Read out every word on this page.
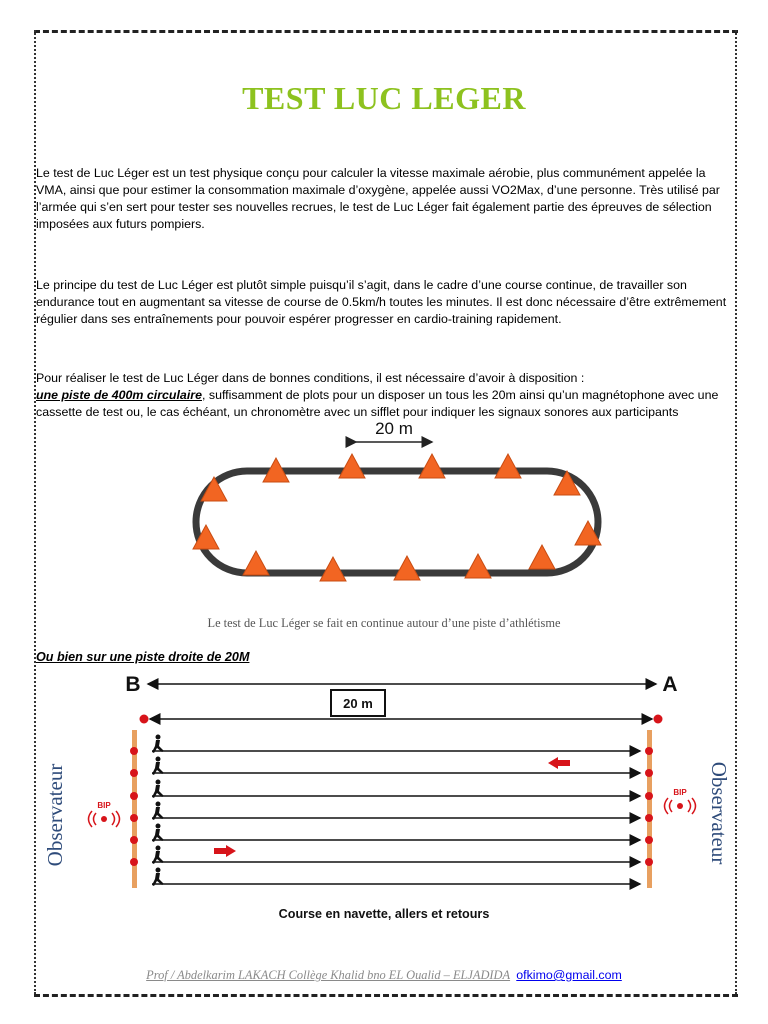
TEST LUC LEGER
Le test de Luc Léger est un test physique conçu pour calculer la vitesse maximale aérobie, plus communément appelée la VMA, ainsi que pour estimer la consommation maximale d’oxygène, appelée aussi VO2Max, d’une personne. Très utilisé par l’armée qui s’en sert pour tester ses nouvelles recrues, le test de Luc Léger fait également partie des épreuves de sélection imposées aux futurs pompiers.
Le principe du test de Luc Léger est plutôt simple puisqu’il s’agit, dans le cadre d’une course continue, de travailler son endurance tout en augmentant sa vitesse de course de 0.5km/h toutes les minutes. Il est donc nécessaire d’être extrêmement régulier dans ses entraînements pour pouvoir espérer progresser en cardio-training rapidement.
Pour réaliser le test de Luc Léger dans de bonnes conditions, il est nécessaire d’avoir à disposition :
une piste de 400m circulaire, suffisamment de plots pour un disposer un tous les 20m ainsi qu’un magnétophone avec une cassette de test ou, le cas échéant, un chronomètre avec un sifflet pour indiquer les signaux sonores aux participants
20 m
Le test de Luc Léger se fait en continue autour d’une piste d’athlétisme
Ou bien sur une piste droite de 20M
B	A
20 m
Observateur	Observateur
BIP
BIP
Course en navette, allers et retours
Prof / Abdelkarim LAKACH Collège Khalid bno EL Oualid – ELJADIDA ofkimo@gmail.com
